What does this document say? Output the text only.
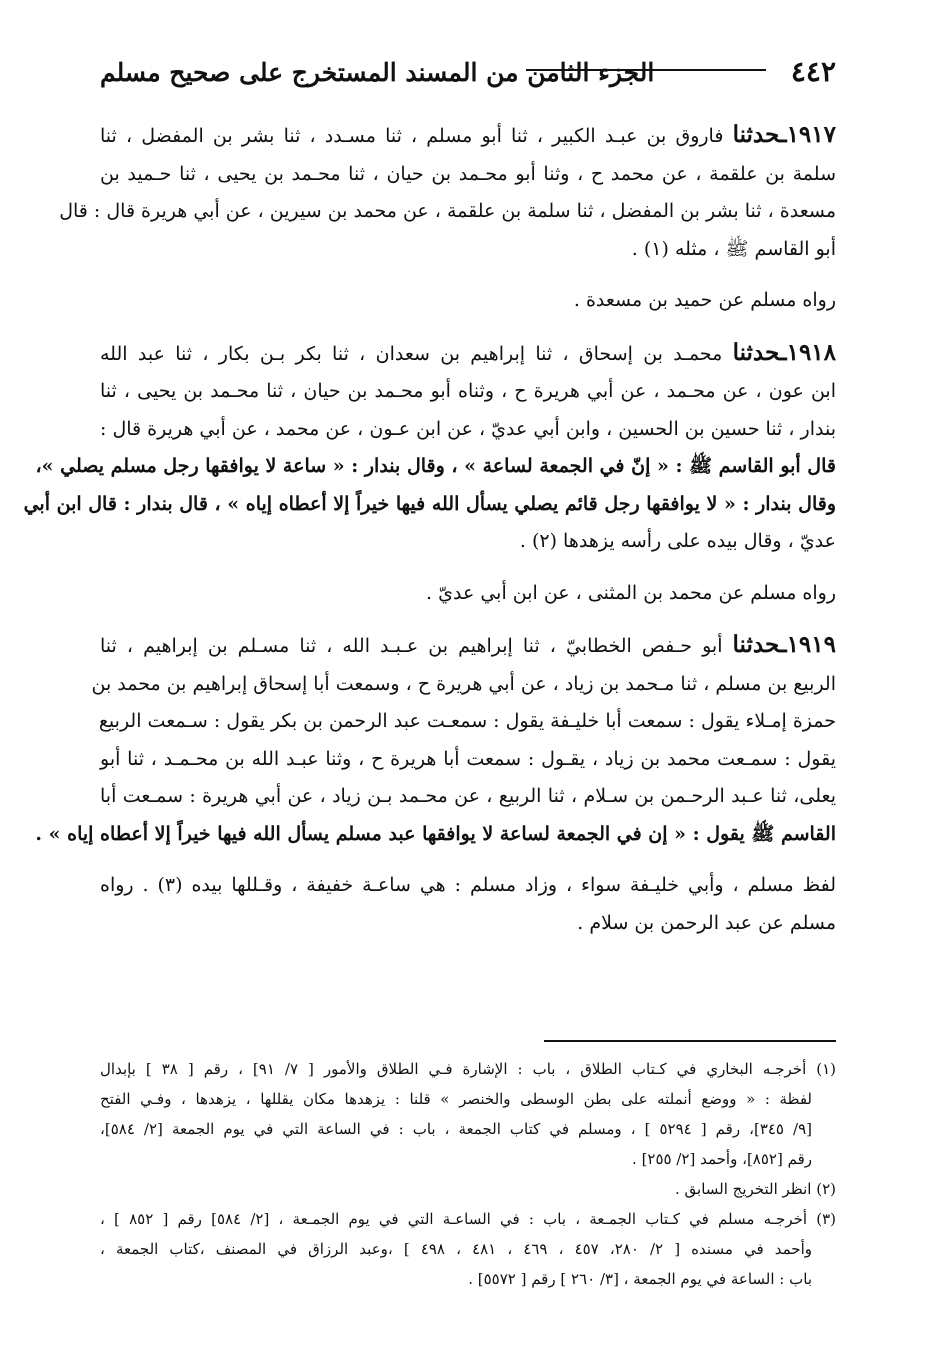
٤٤٢
الجزء الثامن من المسند المستخرج على صحيح مسلم
١٩١٧ـحدثنا فاروق بن عبـد الكبير ، ثنا أبو مسلم ، ثنا مسـدد ، ثنا بشر بن المفضل ، ثنا
سلمة بن علقمة ، عن محمد ح ، وثنا أبو محـمد بن حيان ، ثنا محـمد بن يحيى ، ثنا حـميد بن
مسعدة ، ثنا بشر بن المفضل ، ثنا سلمة بن علقمة ، عن محمد بن سيرين ، عن أبي هريرة قال : قال
أبو القاسم ﷺ ، مثله (١) .
رواه مسلم عن حميد بن مسعدة .
١٩١٨ـحدثنا محمـد بن إسحاق ، ثنا إبراهيم بن سعدان ، ثنا بكر بـن بكار ، ثنا عبد الله
ابن عون ، عن محـمد ، عن أبي هريرة ح ، وثناه أبو محـمد بن حيان ، ثنا محـمد بن يحيى ، ثنا
بندار ، ثنا حسين بن الحسين ، وابن أبي عديّ ، عن ابن عـون ، عن محمد ، عن أبي هريرة قال :
قال أبو القاسم ﷺ : « إنّ في الجمعة لساعة » ، وقال بندار : « ساعة لا يوافقها رجل مسلم يصلي »،
وقال بندار : « لا يوافقها رجل قائم يصلي يسأل الله فيها خيراً إلا أعطاه إياه » ، قال بندار : قال ابن أبي
عديّ ، وقال بيده على رأسه يزهدها (٢) .
رواه مسلم عن محمد بن المثنى ، عن ابن أبي عديّ .
١٩١٩ـحدثنا أبو حـفص الخطابيّ ، ثنا إبراهيم بن عـبـد الله ، ثنا مسـلم بن إبراهيم ، ثنا
الربيع بن مسلم ، ثنا مـحمد بن زياد ، عن أبي هريرة ح ، وسمعت أبا إسحاق إبراهيم بن محمد بن
حمزة إمـلاء يقول : سمعت أبا خليـفة يقول : سمعـت عبد الرحمن بن بكر يقول : سـمعت الربيع
يقول : سمـعت محمد بن زياد ، يقـول : سمعت أبا هريرة ح ، وثنا عبـد الله بن محـمـد ، ثنا أبو
يعلى، ثنا عـبد الرحـمن بن سـلام ، ثنا الربيع ، عن محـمد بـن زياد ، عن أبي هريرة : سمـعت أبا
القاسم ﷺ يقول : « إن في الجمعة لساعة لا يوافقها عبد مسلم يسأل الله فيها خيراً إلا أعطاه إياه » .
لفظ مسلم ، وأبي خليـفة سواء ، وزاد مسلم : هي ساعـة خفيفة ، وقـللها بيده (٣) . رواه
مسلم عن عبد الرحمن بن سلام .
(١) أخرجـه البخاري في كـتاب الطلاق ، باب : الإشارة فـي الطلاق والأمور [ ٧/ ٩١] ، رقم [ ٣٨ ] بإبدال
لفظة : « ووضع أنملته على بطن الوسطى والخنصر » قلنا : يزهدها مكان يقللها ، يزهدها ، وفـي الفتح
[٩/ ٣٤٥]، رقم [ ٥٢٩٤ ] ، ومسلم في كتاب الجمعة ، باب : في الساعة التي في يوم الجمعة [٢/ ٥٨٤]،
رقم [٨٥٢]، وأحمد [٢/ ٢٥٥] .
(٢) انظر التخريج السابق .
(٣) أخرجـه مسلم في كـتاب الجمـعة ، باب : في الساعـة التي في يوم الجمـعة ، [٢/ ٥٨٤] رقم [ ٨٥٢ ] ،
وأحمد في مسنده [ ٢/ ٢٨٠، ٤٥٧ ، ٤٦٩ ، ٤٨١ ، ٤٩٨ ] ،وعبد الرزاق في المصنف ،كتاب الجمعة ،
باب : الساعة في يوم الجمعة ، [٣/ ٢٦٠ ] رقم [ ٥٥٧٢] .
